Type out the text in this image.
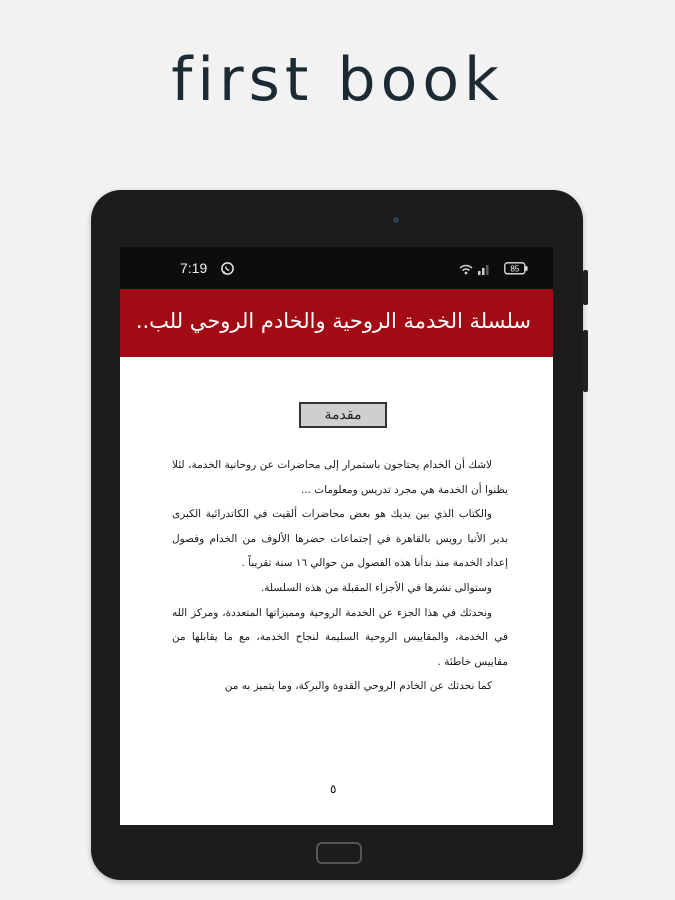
first book
7:19	85
سلسلة الخدمة الروحية والخادم الروحي للب..
مقدمة

لاشك أن الخدام يحتاجون باستمرار إلى محاضرات عن روحانية الخدمة، لئلا يظنوا أن الخدمة هي مجرد تدريس ومعلومات ...

والكتاب الذي بين يديك هو بعض محاضرات ألقيت في الكاتدرائية الكبرى بدير الأنبا رويس بالقاهرة في إجتماعات حضرها الألوف من الخدام وفصول إعداد الخدمة منذ بدأنا هذه الفصول من حوالي ١٦ سنة تقريباً .

وستوالى نشرها في الأجزاء المقبلة من هذه السلسلة.

ونحدثك في هذا الجزء عن الخدمة الروحية ومميزاتها المتعددة، ومركز الله في الخدمة، والمقاييس الروحية السليمة لنجاح الخدمة، مع ما يقابلها من مقاييس خاطئة .

كما نحدثك عن الخادم الروحي القدوة والبركة، وما يتميز به من

٥
